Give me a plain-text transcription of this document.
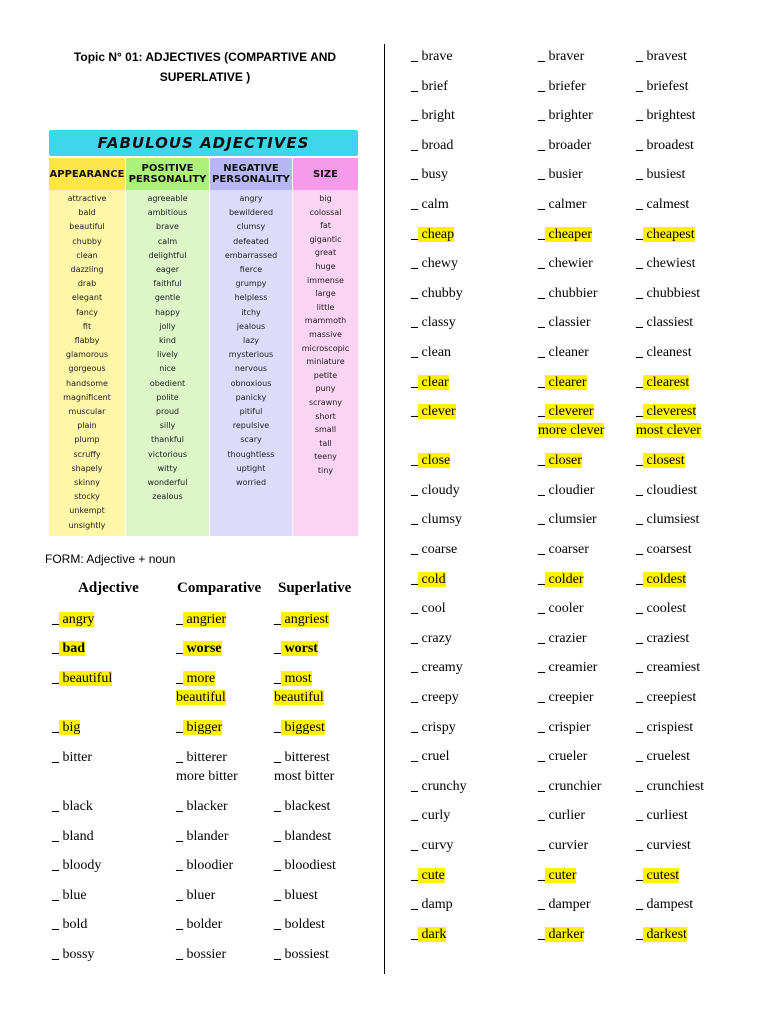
Topic N° 01: ADJECTIVES (COMPARTIVE AND
SUPERLATIVE )
FABULOUS ADJECTIVES
APPEARANCE
attractive
bald
beautiful
chubby
clean
dazzling
drab
elegant
fancy
fit
flabby
glamorous
gorgeous
handsome
magnificent
muscular
plain
plump
scruffy
shapely
skinny
stocky
unkempt
unsightly
POSITIVE
PERSONALITY
agreeable
ambitious
brave
calm
delightful
eager
faithful
gentle
happy
jolly
kind
lively
nice
obedient
polite
proud
silly
thankful
victorious
witty
wonderful
zealous
NEGATIVE
PERSONALITY
angry
bewildered
clumsy
defeated
embarrassed
fierce
grumpy
helpless
itchy
jealous
lazy
mysterious
nervous
obnoxious
panicky
pitiful
repulsive
scary
thoughtless
uptight
worried
SIZE
big
colossal
fat
gigantic
great
huge
immense
large
little
mammoth
massive
microscopic
miniature
petite
puny
scrawny
short
small
tall
teeny
tiny
FORM: Adjective + noun
Adjective	Comparative Superlative
_ angry	_ angrier	_ angriest
_ bad	_ worse	_ worst
_ beautiful	_ more
beautiful
_ most
beautiful
_ big	_ bigger	_ biggest
_ bitter	_ bitterer
more bitter
_ bitterest
most bitter
_ black	_ blacker	_ blackest
_ bland	_ blander	_ blandest
_ bloody	_ bloodier	_ bloodiest
_ blue	_ bluer	_ bluest
_ bold	_ bolder	_ boldest
_ bossy	_ bossier	_ bossiest
_ brave	_ braver	_ bravest
_ brief	_ briefer	_ briefest
_ bright	_ brighter	_ brightest
_ broad	_ broader	_ broadest
_ busy	_ busier	_ busiest
_ calm	_ calmer	_ calmest
_ cheap	_ cheaper	_ cheapest
_ chewy	_ chewier	_ chewiest
_ chubby	_ chubbier	_ chubbiest
_ classy	_ classier	_ classiest
_ clean	_ cleaner	_ cleanest
_ clear	_ clearer	_ clearest
_ clever	_ cleverer
more clever
_ cleverest
most clever
_ close	_ closer	_ closest
_ cloudy	_ cloudier	_ cloudiest
_ clumsy	_ clumsier	_ clumsiest
_ coarse	_ coarser	_ coarsest
_ cold	_ colder	_ coldest
_ cool	_ cooler	_ coolest
_ crazy	_ crazier	_ craziest
_ creamy	_ creamier	_ creamiest
_ creepy	_ creepier	_ creepiest
_ crispy	_ crispier	_ crispiest
_ cruel	_ crueler	_ cruelest
_ crunchy	_ crunchier _ crunchiest
_ curly	_ curlier	_ curliest
_ curvy	_ curvier	_ curviest
_ cute	_ cuter	_ cutest
_ damp	_ damper	_ dampest
_ dark	_ darker	_ darkest
